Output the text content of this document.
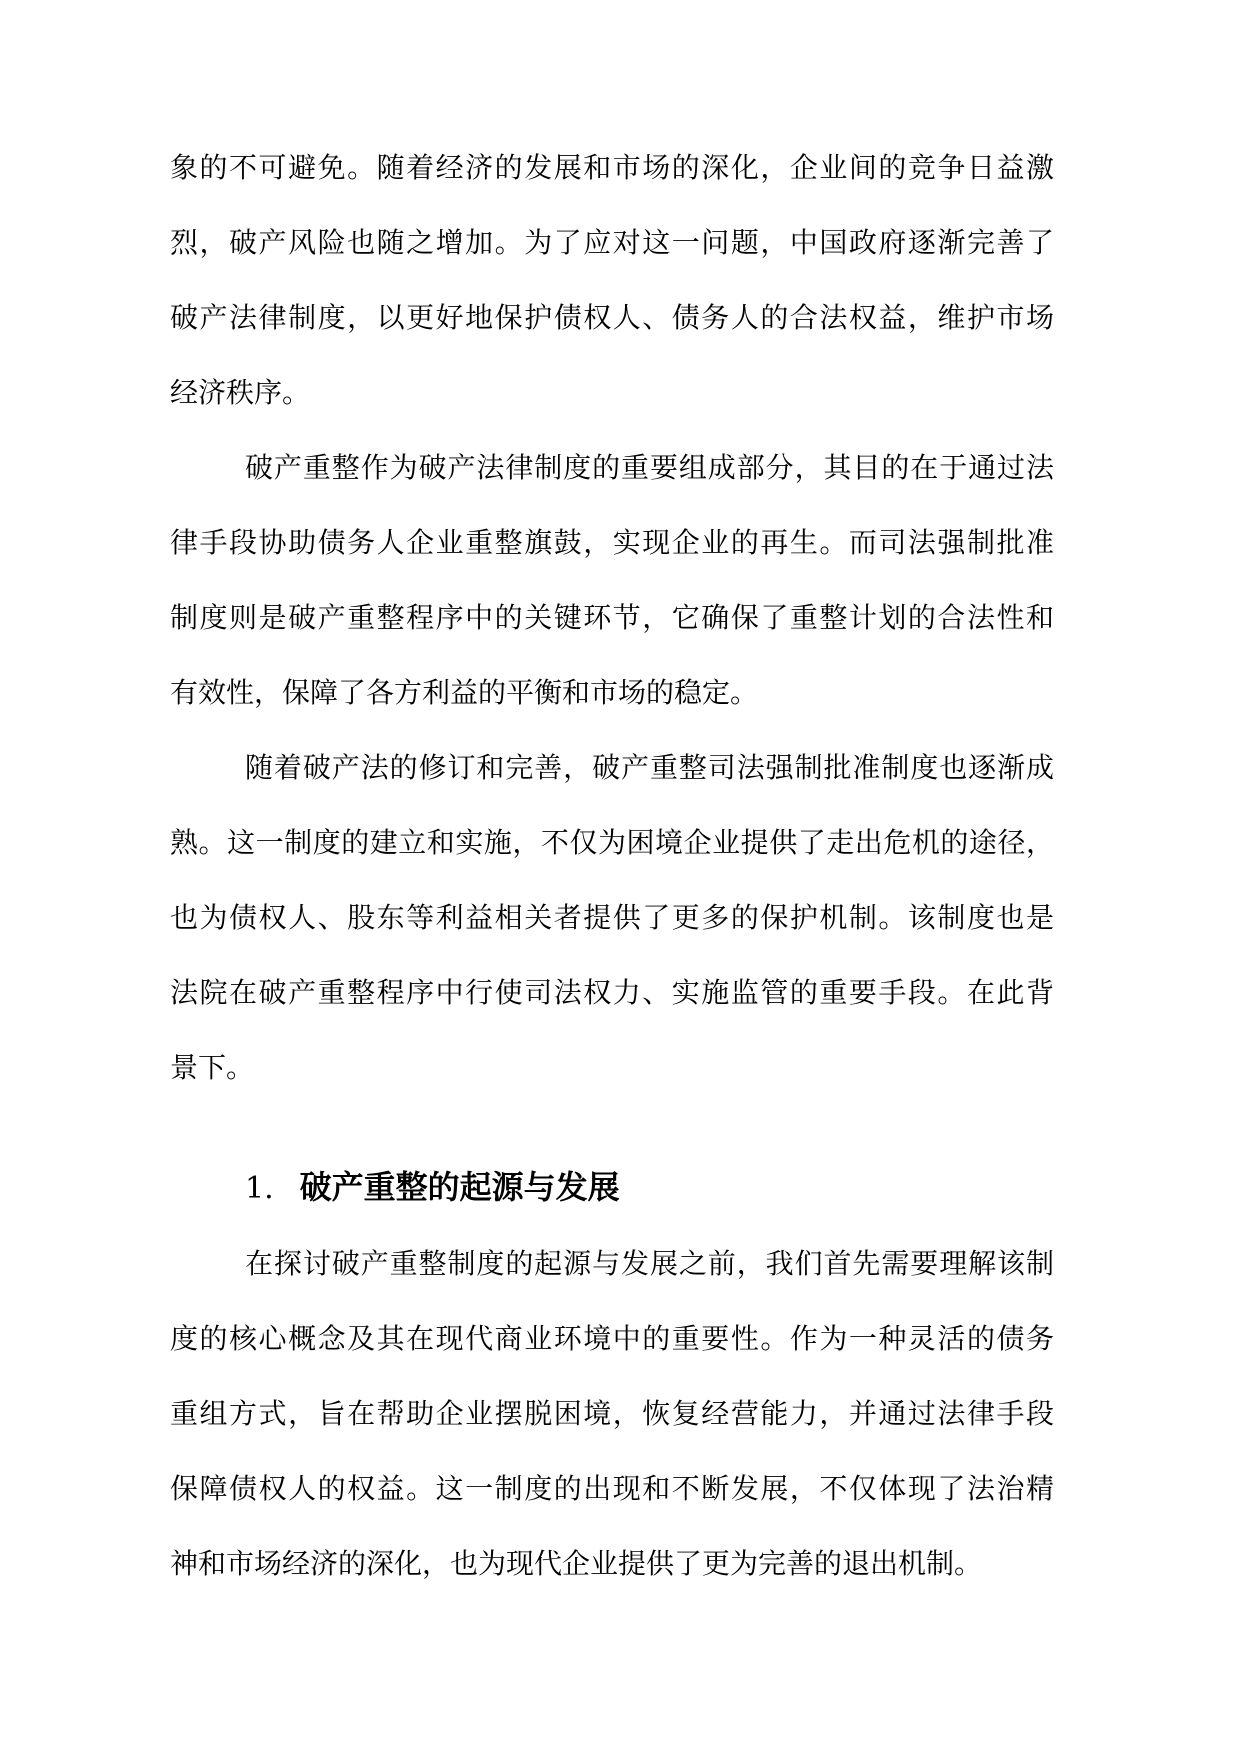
象的不可避免。随着经济的发展和市场的深化，企业间的竞争日益激
烈，破产风险也随之增加。为了应对这一问题，中国政府逐渐完善了
破产法律制度，以更好地保护债权人、债务人的合法权益，维护市场
经济秩序。
破产重整作为破产法律制度的重要组成部分，其目的在于通过法
律手段协助债务人企业重整旗鼓，实现企业的再生。而司法强制批准
制度则是破产重整程序中的关键环节，它确保了重整计划的合法性和
有效性，保障了各方利益的平衡和市场的稳定。
随着破产法的修订和完善，破产重整司法强制批准制度也逐渐成
熟。这一制度的建立和实施，不仅为困境企业提供了走出危机的途径，
也为债权人、股东等利益相关者提供了更多的保护机制。该制度也是
法院在破产重整程序中行使司法权力、实施监管的重要手段。在此背
景下。
1. 破产重整的起源与发展
在探讨破产重整制度的起源与发展之前，我们首先需要理解该制
度的核心概念及其在现代商业环境中的重要性。作为一种灵活的债务
重组方式，旨在帮助企业摆脱困境，恢复经营能力，并通过法律手段
保障债权人的权益。这一制度的出现和不断发展，不仅体现了法治精
神和市场经济的深化，也为现代企业提供了更为完善的退出机制。
